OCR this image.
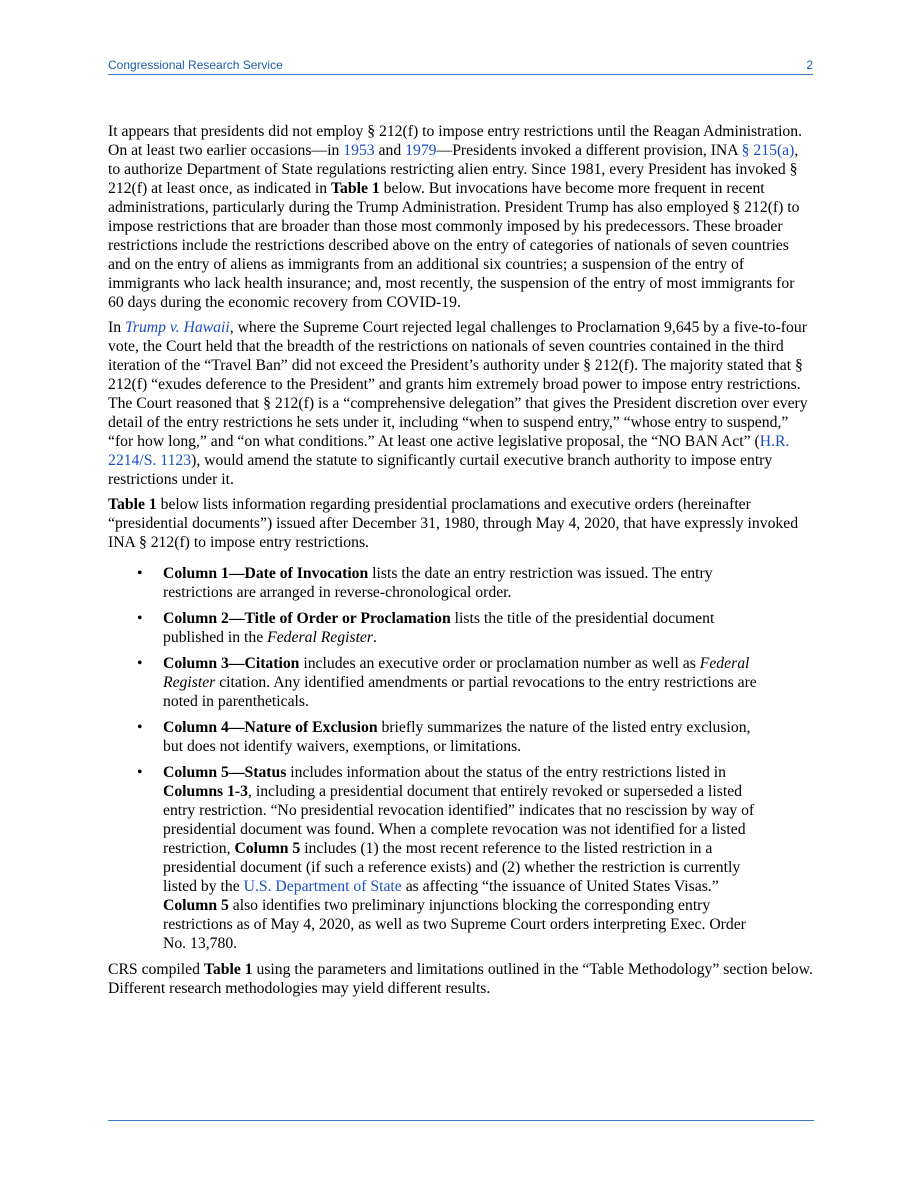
Congressional Research Service	2

It appears that presidents did not employ § 212(f) to impose entry restrictions until the Reagan Administration. On at least two earlier occasions—in 1953 and 1979—Presidents invoked a different provision, INA § 215(a), to authorize Department of State regulations restricting alien entry. Since 1981, every President has invoked § 212(f) at least once, as indicated in Table 1 below. But invocations have become more frequent in recent administrations, particularly during the Trump Administration. President Trump has also employed § 212(f) to impose restrictions that are broader than those most commonly imposed by his predecessors. These broader restrictions include the restrictions described above on the entry of categories of nationals of seven countries and on the entry of aliens as immigrants from an additional six countries; a suspension of the entry of immigrants who lack health insurance; and, most recently, the suspension of the entry of most immigrants for 60 days during the economic recovery from COVID-19.

In Trump v. Hawaii, where the Supreme Court rejected legal challenges to Proclamation 9,645 by a five-to-four vote, the Court held that the breadth of the restrictions on nationals of seven countries contained in the third iteration of the “Travel Ban” did not exceed the President’s authority under § 212(f). The majority stated that § 212(f) “exudes deference to the President” and grants him extremely broad power to impose entry restrictions. The Court reasoned that § 212(f) is a “comprehensive delegation” that gives the President discretion over every detail of the entry restrictions he sets under it, including “when to suspend entry,” “whose entry to suspend,” “for how long,” and “on what conditions.” At least one active legislative proposal, the “NO BAN Act” (H.R. 2214/S. 1123), would amend the statute to significantly curtail executive branch authority to impose entry restrictions under it.

Table 1 below lists information regarding presidential proclamations and executive orders (hereinafter “presidential documents”) issued after December 31, 1980, through May 4, 2020, that have expressly invoked INA § 212(f) to impose entry restrictions.

• Column 1—Date of Invocation lists the date an entry restriction was issued. The entry restrictions are arranged in reverse-chronological order.
• Column 2—Title of Order or Proclamation lists the title of the presidential document published in the Federal Register.
• Column 3—Citation includes an executive order or proclamation number as well as Federal Register citation. Any identified amendments or partial revocations to the entry restrictions are noted in parentheticals.
• Column 4—Nature of Exclusion briefly summarizes the nature of the listed entry exclusion, but does not identify waivers, exemptions, or limitations.
• Column 5—Status includes information about the status of the entry restrictions listed in Columns 1-3, including a presidential document that entirely revoked or superseded a listed entry restriction. “No presidential revocation identified” indicates that no rescission by way of presidential document was found. When a complete revocation was not identified for a listed restriction, Column 5 includes (1) the most recent reference to the listed restriction in a presidential document (if such a reference exists) and (2) whether the restriction is currently listed by the U.S. Department of State as affecting “the issuance of United States Visas.” Column 5 also identifies two preliminary injunctions blocking the corresponding entry restrictions as of May 4, 2020, as well as two Supreme Court orders interpreting Exec. Order No. 13,780.

CRS compiled Table 1 using the parameters and limitations outlined in the “Table Methodology” section below. Different research methodologies may yield different results.
